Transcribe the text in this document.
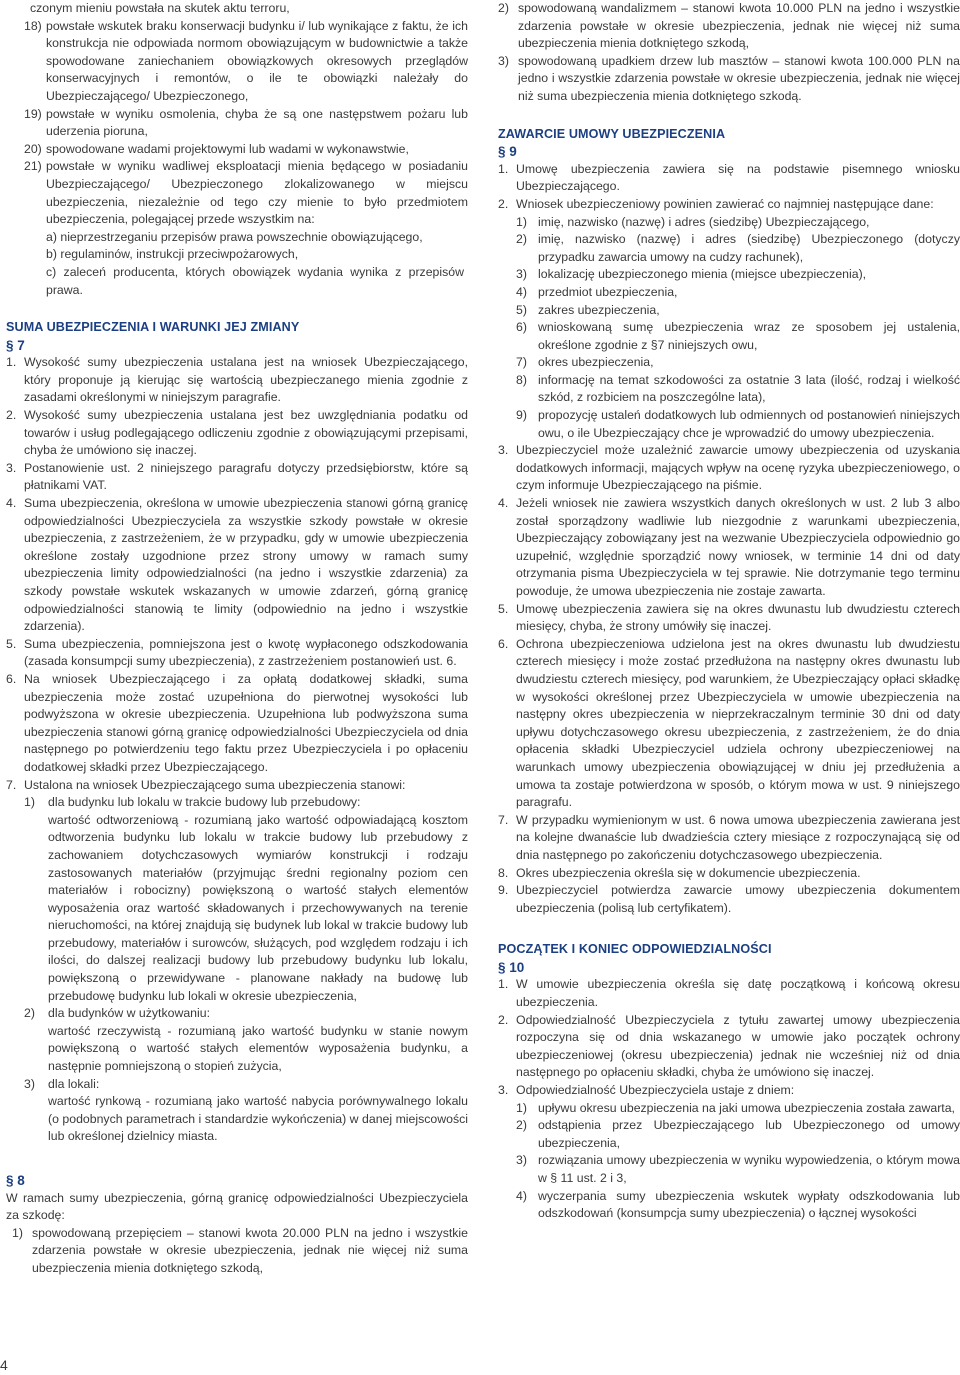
czonym mieniu powstała na skutek aktu terroru,

18) powstałe wskutek braku konserwacji budynku i/ lub wynikające z faktu, że ich konstrukcja nie odpowiada normom obowiązującym w budownictwie a także spowodowane zaniechaniem obowiązkowych okresowych przeglądów konserwacyjnych i remontów, o ile te obowiązki należały do Ubezpieczającego/ Ubezpieczonego,
19) powstałe w wyniku osmolenia, chyba że są one następstwem pożaru lub uderzenia pioruna,
20) spowodowane wadami projektowymi lub wadami w wykonawstwie,
21) powstałe w wyniku wadliwej eksploatacji mienia będącego w posiadaniu Ubezpieczającego/ Ubezpieczonego zlokalizowanego w miejscu ubezpieczenia, niezależnie od tego czy mienie to było przedmiotem ubezpieczenia, polegającej przede wszystkim na:

a) nieprzestrzeganiu przepisów prawa powszechnie obowiązującego,

b) regulaminów, instrukcji przeciwpożarowych,

c) zaleceń producenta, których obowiązek wydania wynika z przepisów prawa.

SUMA UBEZPIECZENIA I WARUNKI JEJ ZMIANY

§ 7

1. Wysokość sumy ubezpieczenia ustalana jest na wniosek Ubezpieczającego, który proponuje ją kierując się wartością ubezpieczanego mienia zgodnie z zasadami określonymi w niniejszym paragrafie.
2. Wysokość sumy ubezpieczenia ustalana jest bez uwzględniania podatku od towarów i usług podlegającego odliczeniu zgodnie z obowiązującymi przepisami, chyba że umówiono się inaczej.
3. Postanowienie ust. 2 niniejszego paragrafu dotyczy przedsiębiorstw, które są płatnikami VAT.
4. Suma ubezpieczenia, określona w umowie ubezpieczenia stanowi górną granicę odpowiedzialności Ubezpieczyciela za wszystkie szkody powstałe w okresie ubezpieczenia, z zastrzeżeniem, że w przypadku, gdy w umowie ubezpieczenia określone zostały uzgodnione przez strony umowy w ramach sumy ubezpieczenia limity odpowiedzialności (na jedno i wszystkie zdarzenia) za szkody powstałe wskutek wskazanych w umowie zdarzeń, górną granicę odpowiedzialności stanowią te limity (odpowiednio na jedno i wszystkie zdarzenia).
5. Suma ubezpieczenia, pomniejszona jest o kwotę wypłaconego odszkodowania (zasada konsumpcji sumy ubezpieczenia), z zastrzeżeniem postanowień ust. 6.
6. Na wniosek Ubezpieczającego i za opłatą dodatkowej składki, suma ubezpieczenia może zostać uzupełniona do pierwotnej wysokości lub podwyższona w okresie ubezpieczenia. Uzupełniona lub podwyższona suma ubezpieczenia stanowi górną granicę odpowiedzialności Ubezpieczyciela od dnia następnego po potwierdzeniu tego faktu przez Ubezpieczyciela i po opłaceniu dodatkowej składki przez Ubezpieczającego.
7. Ustalona na wniosek Ubezpieczającego suma ubezpieczenia stanowi:
1)	dla budynku lub lokalu w trakcie budowy lub przebudowy:

wartość odtworzeniową - rozumianą jako wartość odpowiadającą kosztom odtworzenia budynku lub lokalu w trakcie budowy lub przebudowy z zachowaniem dotychczasowych wymiarów konstrukcji i rodzaju zastosowanych materiałów (przyjmując średni regionalny poziom cen materiałów i robocizny) powiększoną o wartość stałych elementów wyposażenia oraz wartość składowanych i przechowywanych na terenie nieruchomości, na której znajdują się budynek lub lokal w trakcie budowy lub przebudowy, materiałów i surowców, służących, pod względem rodzaju i ich ilości, do dalszej realizacji budowy lub przebudowy budynku lub lokalu, powiększoną o przewidywane - planowane nakłady na budowę lub przebudowę budynku lub lokali w okresie ubezpieczenia,

2)	dla budynków w użytkowaniu:

wartość rzeczywistą - rozumianą jako wartość budynku w stanie nowym powiększoną o wartość stałych elementów wyposażenia budynku, a następnie pomniejszoną o stopień zużycia,

3)	dla lokali:

wartość rynkową - rozumianą jako wartość nabycia porównywalnego lokalu (o podobnych parametrach i standardzie wykończenia) w danej miejscowości lub określonej dzielnicy miasta.

§ 8

W ramach sumy ubezpieczenia, górną granicę odpowiedzialności Ubezpieczyciela za szkodę:

1) spowodowaną przepięciem – stanowi kwota 20.000 PLN na jedno i wszystkie zdarzenia powstałe w okresie ubezpieczenia, jednak nie więcej niż suma ubezpieczenia mienia dotkniętego szkodą,
2) spowodowaną wandalizmem – stanowi kwota 10.000 PLN na jedno i wszystkie zdarzenia powstałe w okresie ubezpieczenia, jednak nie więcej niż suma ubezpieczenia mienia dotkniętego szkodą,
3) spowodowaną upadkiem drzew lub masztów – stanowi kwota 100.000 PLN na jedno i wszystkie zdarzenia powstałe w okresie ubezpieczenia, jednak nie więcej niż suma ubezpieczenia mienia dotkniętego szkodą.

ZAWARCIE UMOWY UBEZPIECZENIA

§ 9

1. Umowę ubezpieczenia zawiera się na podstawie pisemnego wniosku Ubezpieczającego.
2. Wniosek ubezpieczeniowy powinien zawierać co najmniej następujące dane:
1) imię, nazwisko (nazwę) i adres (siedzibę) Ubezpieczającego,
2) imię, nazwisko (nazwę) i adres (siedzibę) Ubezpieczonego (dotyczy przypadku zawarcia umowy na cudzy rachunek),
3) lokalizację ubezpieczonego mienia (miejsce ubezpieczenia),
4) przedmiot ubezpieczenia,
5) zakres ubezpieczenia,
6) wnioskowaną sumę ubezpieczenia wraz ze sposobem jej ustalenia, określone zgodnie z §7 niniejszych owu,
7) okres ubezpieczenia,
8) informację na temat szkodowości za ostatnie 3 lata (ilość, rodzaj i wielkość szkód, z rozbiciem na poszczególne lata),
9) propozycję ustaleń dodatkowych lub odmiennych od postanowień niniejszych owu, o ile Ubezpieczający chce je wprowadzić do umowy ubezpieczenia.
3. Ubezpieczyciel może uzależnić zawarcie umowy ubezpieczenia od uzyskania dodatkowych informacji, mających wpływ na ocenę ryzyka ubezpieczeniowego, o czym informuje Ubezpieczającego na piśmie.
4. Jeżeli wniosek nie zawiera wszystkich danych określonych w ust. 2 lub 3 albo został sporządzony wadliwie lub niezgodnie z warunkami ubezpieczenia, Ubezpieczający zobowiązany jest na wezwanie Ubezpieczyciela odpowiednio go uzupełnić, względnie sporządzić nowy wniosek, w terminie 14 dni od daty otrzymania pisma Ubezpieczyciela w tej sprawie. Nie dotrzymanie tego terminu powoduje, że umowa ubezpieczenia nie zostaje zawarta.
5. Umowę ubezpieczenia zawiera się na okres dwunastu lub dwudziestu czterech miesięcy, chyba, że strony umówiły się inaczej.
6. Ochrona ubezpieczeniowa udzielona jest na okres dwunastu lub dwudziestu czterech miesięcy i może zostać przedłużona na następny okres dwunastu lub dwudziestu czterech miesięcy, pod warunkiem, że Ubezpieczający opłaci składkę w wysokości określonej przez Ubezpieczyciela w umowie ubezpieczenia na następny okres ubezpieczenia w nieprzekraczalnym terminie 30 dni od daty upływu dotychczasowego okresu ubezpieczenia, z zastrzeżeniem, że do dnia opłacenia składki Ubezpieczyciel udziela ochrony ubezpieczeniowej na warunkach umowy ubezpieczenia obowiązującej w dniu jej przedłużenia a umowa ta zostaje potwierdzona w sposób, o którym mowa w ust. 9 niniejszego paragrafu.
7. W przypadku wymienionym w ust. 6 nowa umowa ubezpieczenia zawierana jest na kolejne dwanaście lub dwadzieścia cztery miesiące z rozpoczynającą się od dnia następnego po zakończeniu dotychczasowego ubezpieczenia.
8. Okres ubezpieczenia określa się w dokumencie ubezpieczenia.
9. Ubezpieczyciel potwierdza zawarcie umowy ubezpieczenia dokumentem ubezpieczenia (polisą lub certyfikatem).

POCZĄTEK I KONIEC ODPOWIEDZIALNOŚCI

§ 10

1. W umowie ubezpieczenia określa się datę początkową i końcową okresu ubezpieczenia.
2. Odpowiedzialność Ubezpieczyciela z tytułu zawartej umowy ubezpieczenia rozpoczyna się od dnia wskazanego w umowie jako początek ochrony ubezpieczeniowej (okresu ubezpieczenia) jednak nie wcześniej niż od dnia następnego po opłaceniu składki, chyba że umówiono się inaczej.
3. Odpowiedzialność Ubezpieczyciela ustaje z dniem:
1) upływu okresu ubezpieczenia na jaki umowa ubezpieczenia została zawarta,
2) odstąpienia przez Ubezpieczającego lub Ubezpieczonego od umowy ubezpieczenia,
3) rozwiązania umowy ubezpieczenia w wyniku wypowiedzenia, o którym mowa w § 11 ust. 2 i 3,
4) wyczerpania sumy ubezpieczenia wskutek wypłaty odszkodowania lub odszkodowań (konsumpcja sumy ubezpieczenia) o łącznej wysokości
4
